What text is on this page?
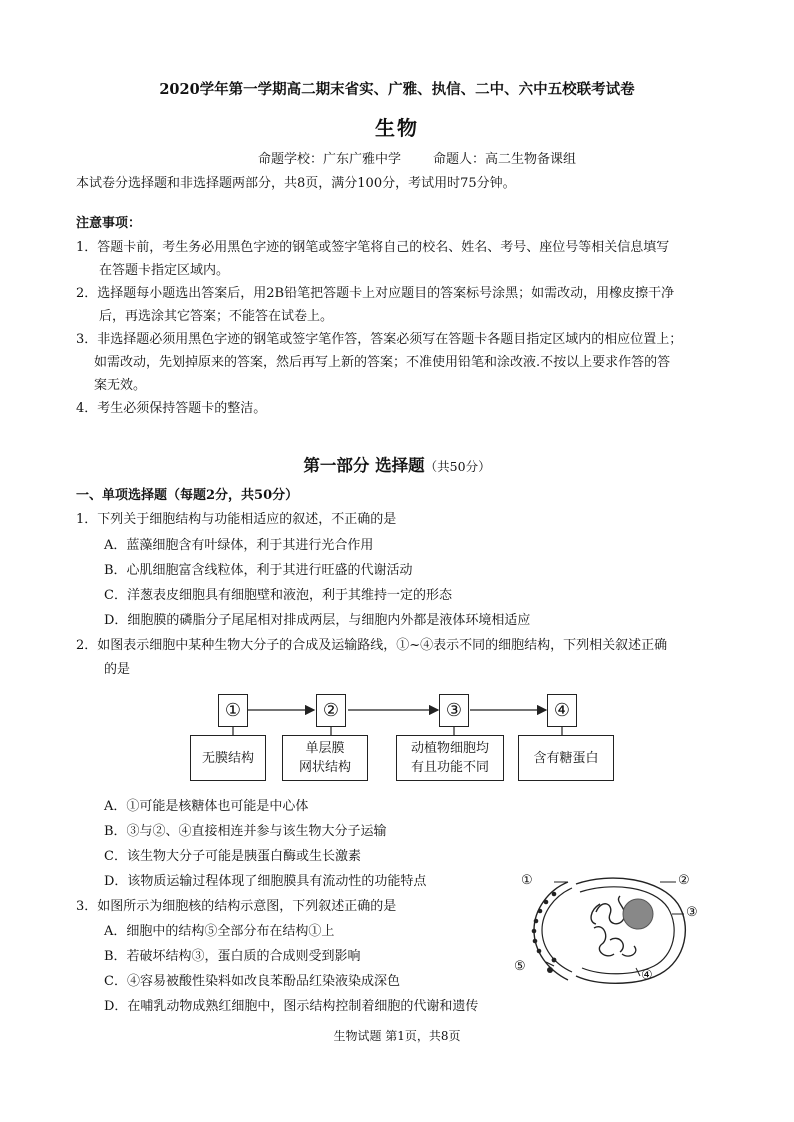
2020学年第一学期高二期末省实、广雅、执信、二中、六中五校联考试卷
生物
命题学校：广东广雅中学 命题人：高二生物备课组
本试卷分选择题和非选择题两部分，共8页，满分100分，考试用时75分钟。
注意事项：
1．答题卡前，考生务必用黑色字迹的钢笔或签字笔将自己的校名、姓名、考号、座位号等相关信息填写
在答题卡指定区域内。
2．选择题每小题选出答案后，用2B铅笔把答题卡上对应题目的答案标号涂黑；如需改动，用橡皮擦干净
后，再选涂其它答案；不能答在试卷上。
3．非选择题必须用黑色字迹的钢笔或签字笔作答，答案必须写在答题卡各题目指定区域内的相应位置上；
如需改动，先划掉原来的答案，然后再写上新的答案；不准使用铅笔和涂改液.不按以上要求作答的答
案无效。
4．考生必须保持答题卡的整洁。
第一部分 选择题（共50分）
一、单项选择题（每题2分，共50分）
1．下列关于细胞结构与功能相适应的叙述，不正确的是
A．蓝藻细胞含有叶绿体，利于其进行光合作用
B．心肌细胞富含线粒体，利于其进行旺盛的代谢活动
C．洋葱表皮细胞具有细胞壁和液泡，利于其维持一定的形态
D．细胞膜的磷脂分子尾尾相对排成两层，与细胞内外都是液体环境相适应
2．如图表示细胞中某种生物大分子的合成及运输路线，①~④表示不同的细胞结构，下列相关叙述正确
的是
①	②	③	④
无膜结构
单层膜
网状结构
动植物细胞均
有且功能不同
含有糖蛋白
A．①可能是核糖体也可能是中心体
B．③与②、④直接相连并参与该生物大分子运输
C．该生物大分子可能是胰蛋白酶或生长激素
D．该物质运输过程体现了细胞膜具有流动性的功能特点
3．如图所示为细胞核的结构示意图，下列叙述正确的是
A．细胞中的结构⑤全部分布在结构①上
B．若破坏结构③，蛋白质的合成则受到影响
C．④容易被酸性染料如改良苯酚品红染液染成深色
D．在哺乳动物成熟红细胞中，图示结构控制着细胞的代谢和遗传
①	②
③
④
⑤
生物试题 第1页，共8页
